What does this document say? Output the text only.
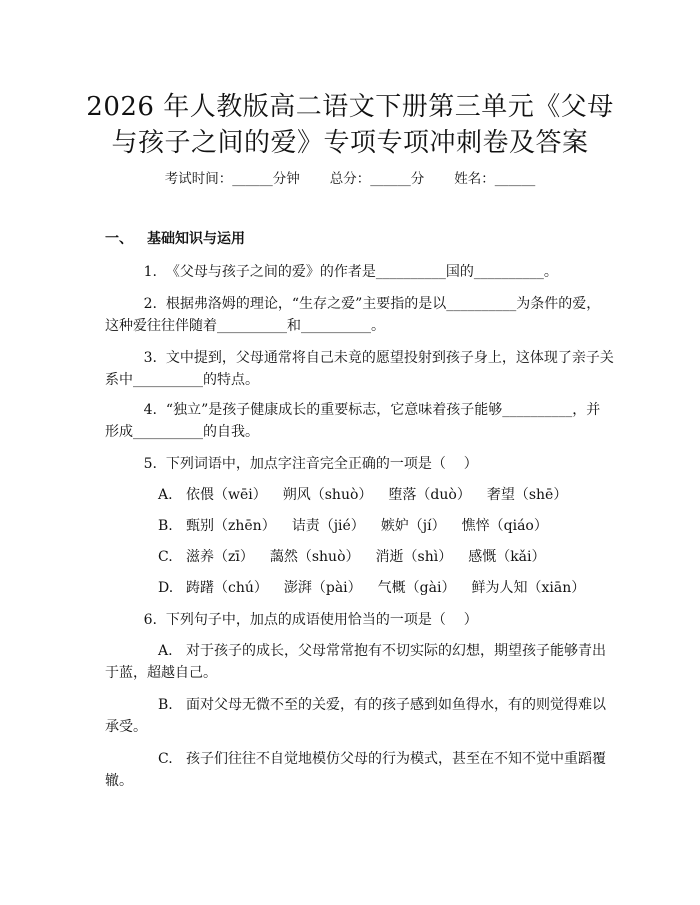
2026 年人教版高二语文下册第三单元《父母
与孩子之间的爱》专项专项冲刺卷及答案
考试时间：______分钟 总分：______分 姓名：______
一、 基础知识与运用
1. 《父母与孩子之间的爱》的作者是__________国的__________。
2. 根据弗洛姆的理论，“生存之爱”主要指的是以__________为条件的爱，
这种爱往往伴随着__________和__________。
3. 文中提到，父母通常将自己未竟的愿望投射到孩子身上，这体现了亲子关
系中__________的特点。
4. “独立”是孩子健康成长的重要标志，它意味着孩子能够__________，并
形成__________的自我。
5. 下列词语中，加点字注音完全正确的一项是（    ）
A. 依偎（wēi） 朔风（shuò） 堕落（duò） 奢望（shē）
B. 甄别（zhēn） 诘责（jié） 嫉妒（jí） 憔悴（qiáo）
C. 滋养（zī） 藹然（shuò） 消逝（shì） 感慨（kǎi）
D. 踌躇（chú） 澎湃（pài） 气概（gài） 鲜为人知（xiān）
6. 下列句子中，加点的成语使用恰当的一项是（    ）
A. 对于孩子的成长，父母常常抱有不切实际的幻想，期望孩子能够青出
于蓝，超越自己。
B. 面对父母无微不至的关爱，有的孩子感到如鱼得水，有的则觉得难以
承受。
C. 孩子们往往不自觉地模仿父母的行为模式，甚至在不知不觉中重蹈覆
辙。
